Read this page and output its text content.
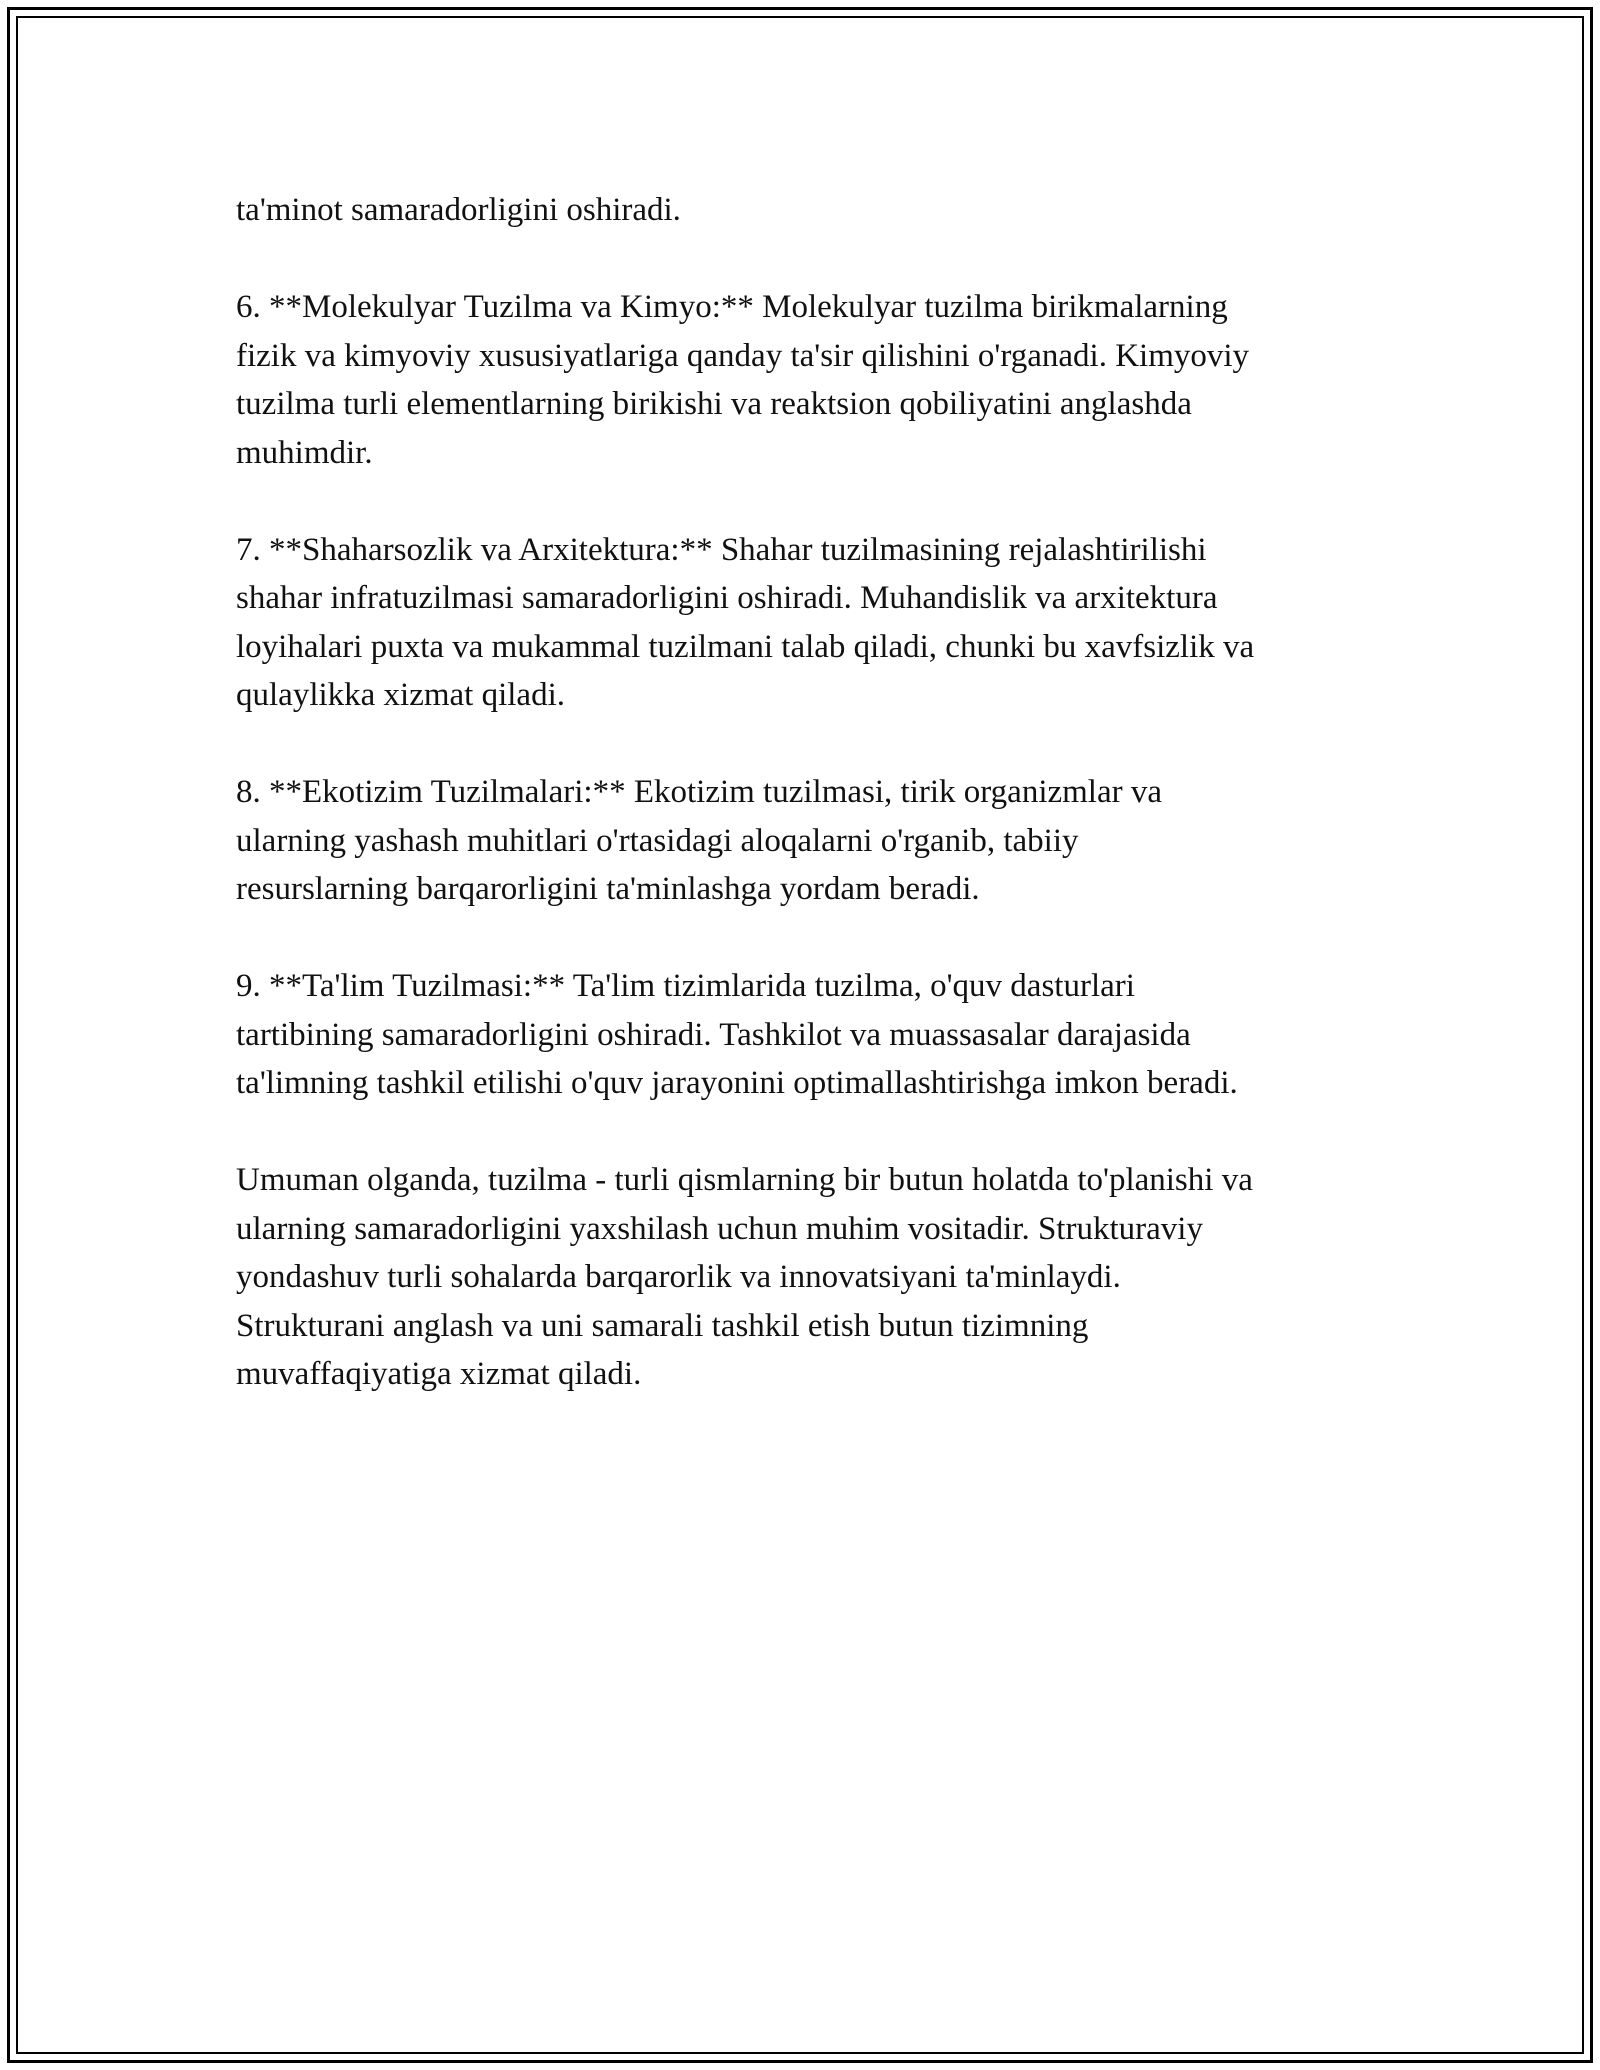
ta'minot samaradorligini oshiradi.

6. **Molekulyar Tuzilma va Kimyo:** Molekulyar tuzilma birikmalarning
fizik va kimyoviy xususiyatlariga qanday ta'sir qilishini o'rganadi. Kimyoviy
tuzilma turli elementlarning birikishi va reaktsion qobiliyatini anglashda
muhimdir.

7. **Shaharsozlik va Arxitektura:** Shahar tuzilmasining rejalashtirilishi
shahar infratuzilmasi samaradorligini oshiradi. Muhandislik va arxitektura
loyihalari puxta va mukammal tuzilmani talab qiladi, chunki bu xavfsizlik va
qulaylikka xizmat qiladi.

8. **Ekotizim Tuzilmalari:** Ekotizim tuzilmasi, tirik organizmlar va
ularning yashash muhitlari o'rtasidagi aloqalarni o'rganib, tabiiy
resurslarning barqarorligini ta'minlashga yordam beradi.

9. **Ta'lim Tuzilmasi:** Ta'lim tizimlarida tuzilma, o'quv dasturlari
tartibining samaradorligini oshiradi. Tashkilot va muassasalar darajasida
ta'limning tashkil etilishi o'quv jarayonini optimallashtirishga imkon beradi.

Umuman olganda, tuzilma - turli qismlarning bir butun holatda to'planishi va
ularning samaradorligini yaxshilash uchun muhim vositadir. Strukturaviy
yondashuv turli sohalarda barqarorlik va innovatsiyani ta'minlaydi.
Strukturani anglash va uni samarali tashkil etish butun tizimning
muvaffaqiyatiga xizmat qiladi.
